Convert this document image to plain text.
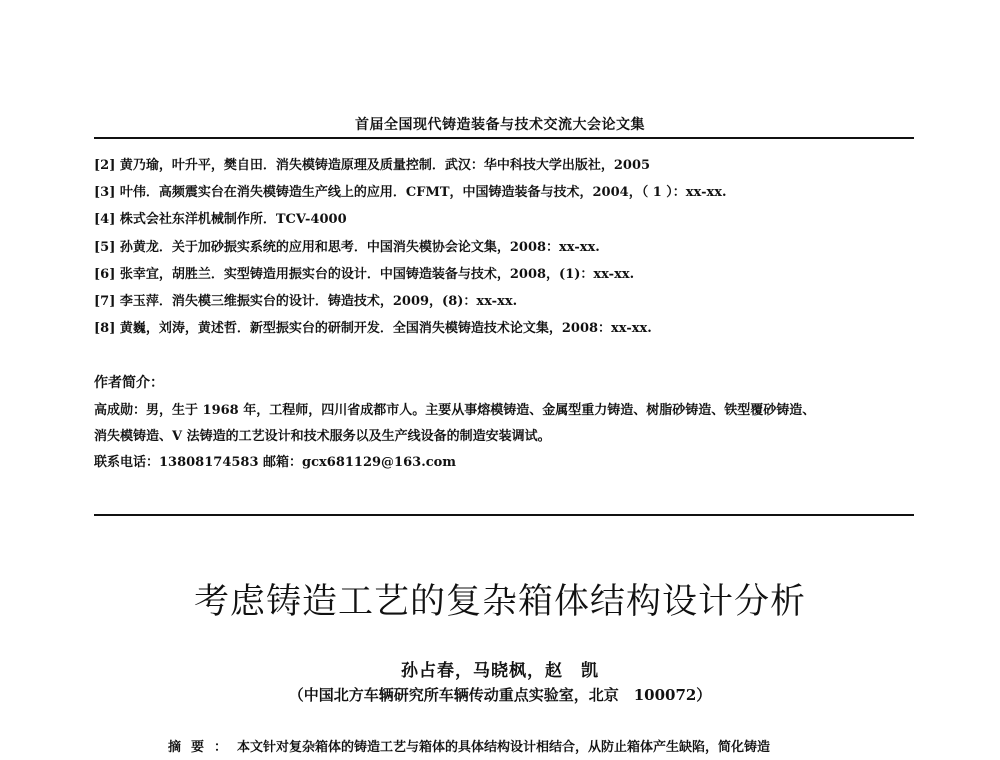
首届全国现代铸造装备与技术交流大会论文集
[2] 黄乃瑜，叶升平，樊自田．消失模铸造原理及质量控制．武汉：华中科技大学出版社，2005
[3] 叶伟．高频震实台在消失模铸造生产线上的应用．CFMT，中国铸造装备与技术，2004，（ 1 ）：xx-xx.
[4] 株式会社东洋机械制作所．TCV-4000
[5] 孙黄龙．关于加砂振实系统的应用和思考．中国消失模协会论文集，2008：xx-xx.
[6] 张幸宜，胡胜兰．实型铸造用振实台的设计．中国铸造装备与技术，2008，(1)：xx-xx.
[7] 李玉萍．消失模三维振实台的设计．铸造技术，2009，(8)：xx-xx.
[8] 黄巍，刘涛，黄述哲．新型振实台的研制开发．全国消失模铸造技术论文集，2008：xx-xx.
作者简介：

高成勋：男，生于 1968 年，工程师，四川省成都市人。主要从事熔模铸造、金属型重力铸造、树脂砂铸造、铁型覆砂铸造、

消失模铸造、V 法铸造的工艺设计和技术服务以及生产线设备的制造安装调试。

联系电话：13808174583 邮箱：gcx681129@163.com

考虑铸造工艺的复杂箱体结构设计分析
孙占春，马晓枫，赵　凯
（中国北方车辆研究所车辆传动重点实验室，北京　100072）
摘要：本文针对复杂箱体的铸造工艺与箱体的具体结构设计相结合，从防止箱体产生缺陷，简化铸造
